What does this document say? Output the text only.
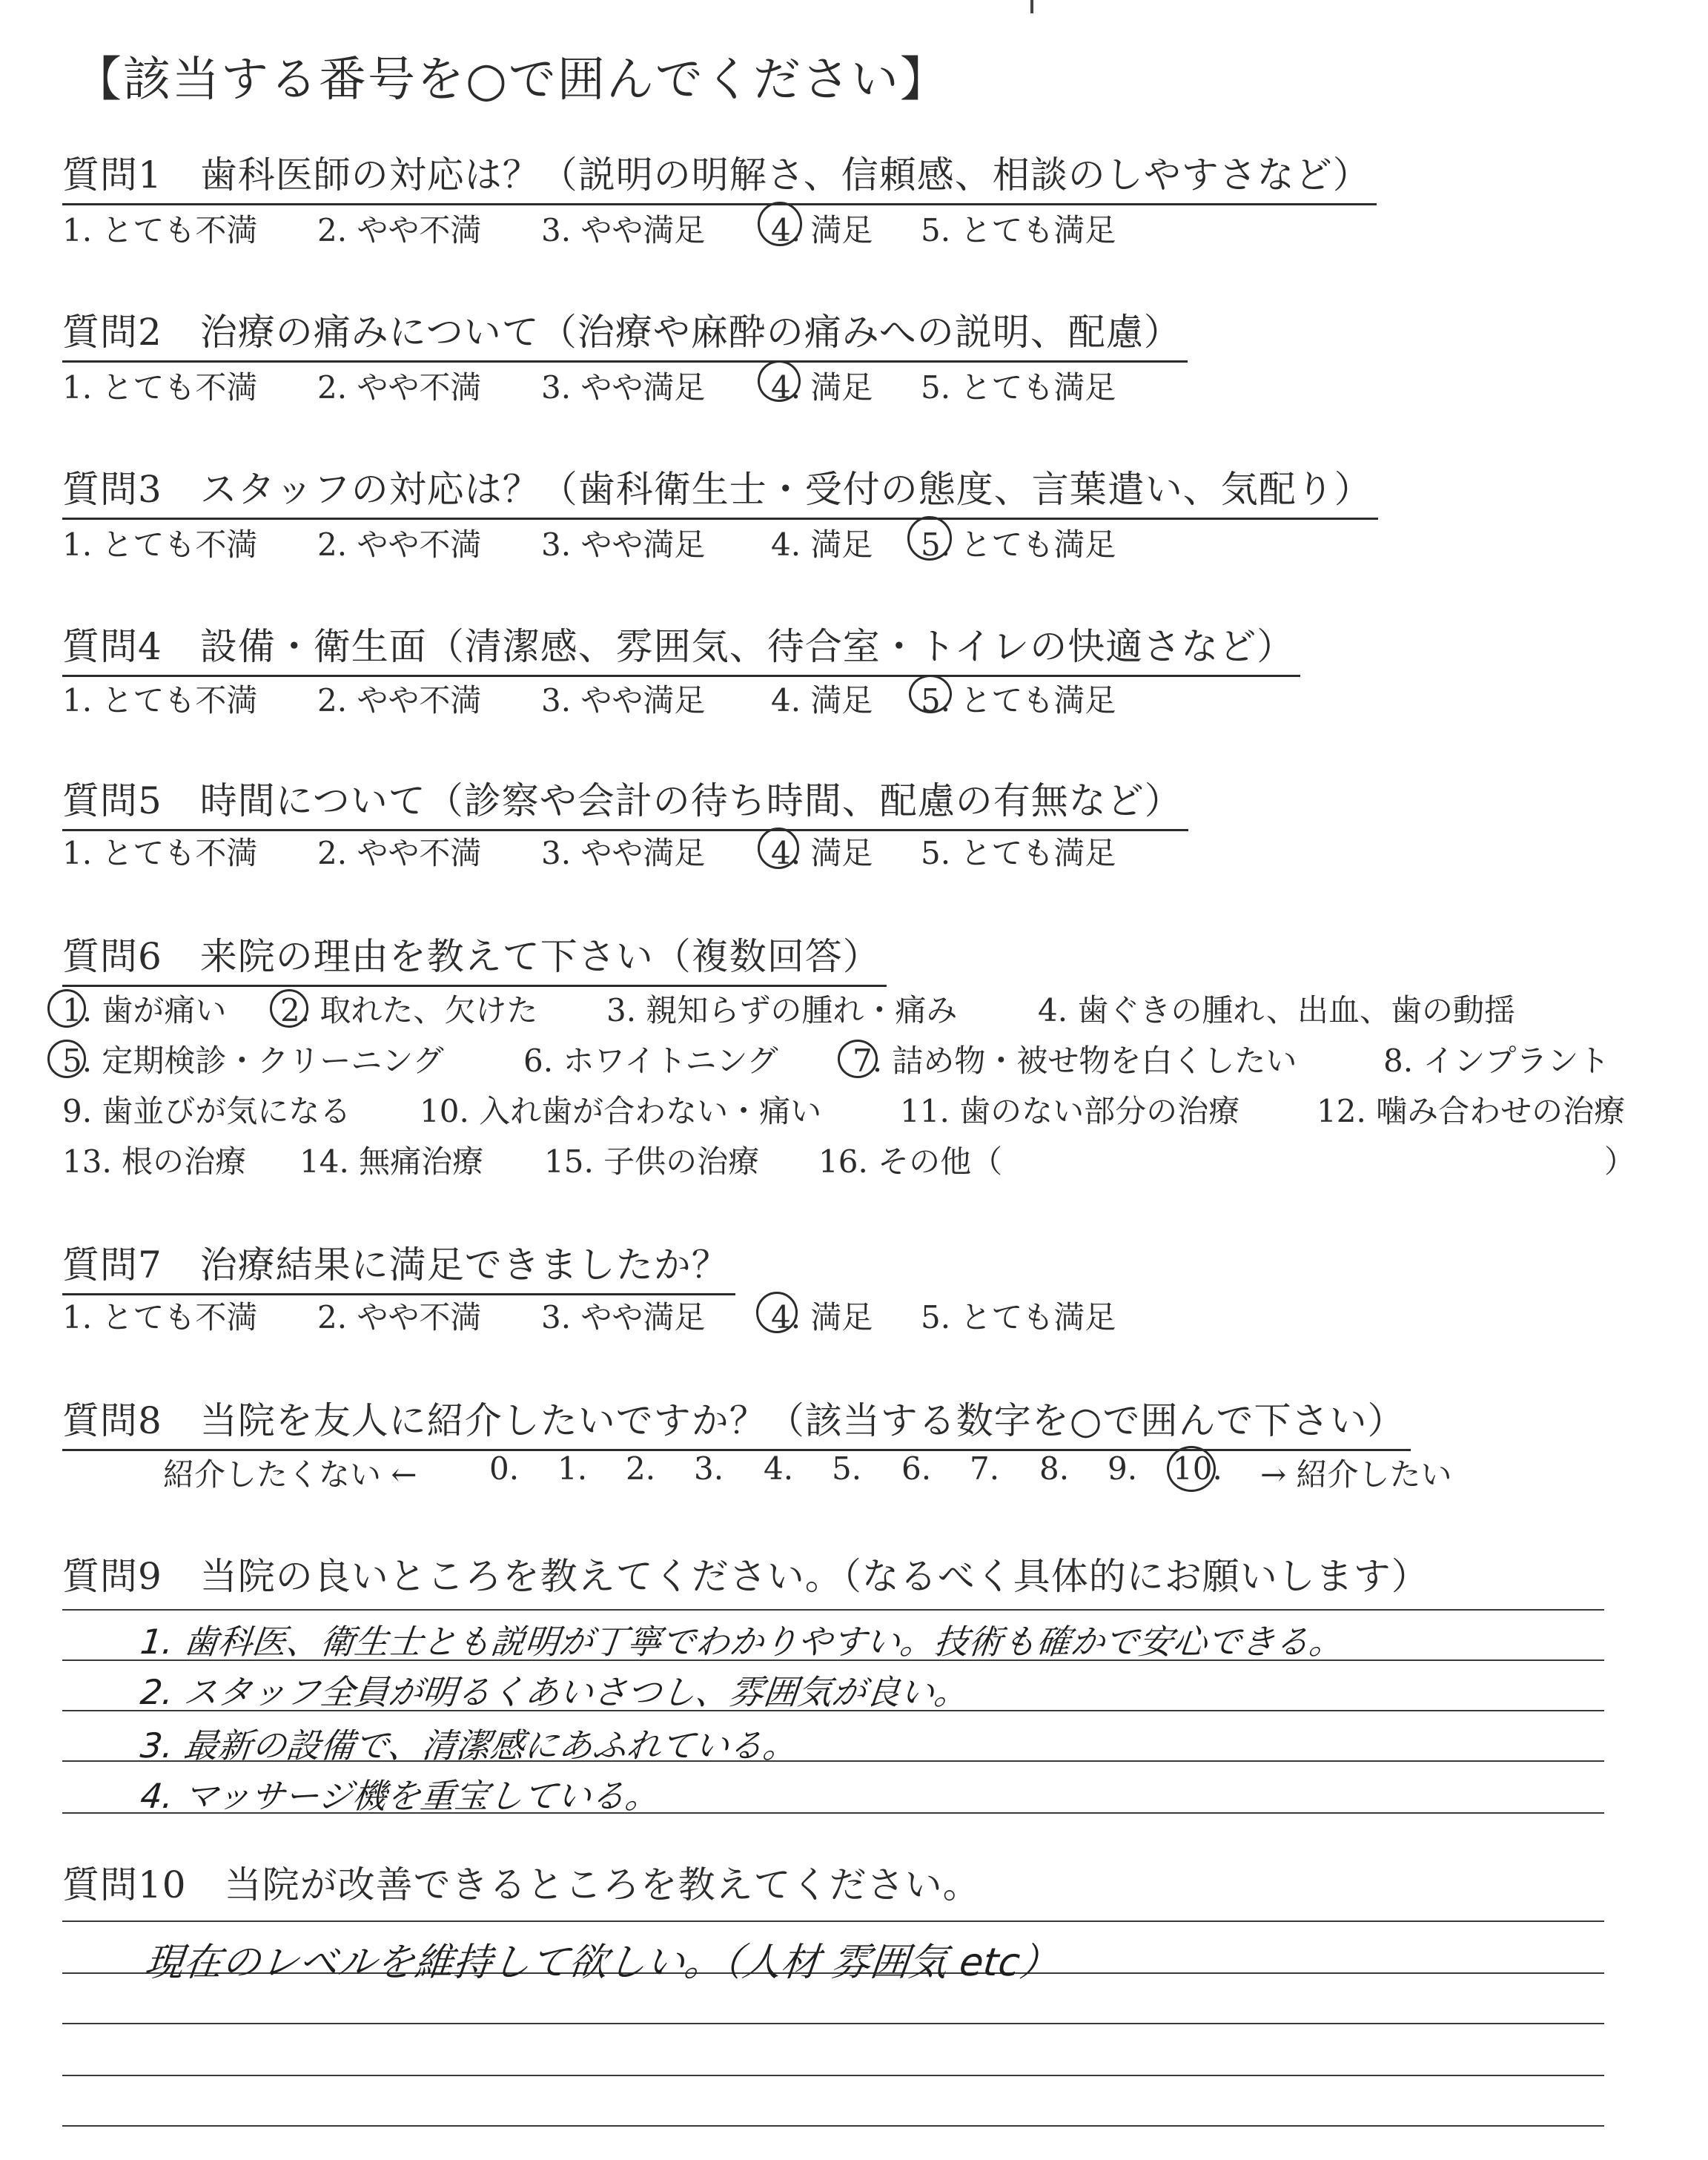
【該当する番号を○で囲んでください】
質問1　歯科医師の対応は？（説明の明解さ、信頼感、相談のしやすさなど）
1. とても不満 2. やや不満 3. やや満足 4. 満足 5. とても満足
質問2　治療の痛みについて（治療や麻酔の痛みへの説明、配慮）
1. とても不満 2. やや不満 3. やや満足 4. 満足 5. とても満足
質問3　スタッフの対応は？（歯科衛生士・受付の態度、言葉遣い、気配り）
1. とても不満 2. やや不満 3. やや満足 4. 満足 5. とても満足
質問4　設備・衛生面（清潔感、雰囲気、待合室・トイレの快適さなど）
1. とても不満 2. やや不満 3. やや満足 4. 満足 5. とても満足
質問5　時間について（診察や会計の待ち時間、配慮の有無など）
1. とても不満 2. やや不満 3. やや満足 4. 満足 5. とても満足
質問6　来院の理由を教えて下さい（複数回答）
1. 歯が痛い 2. 取れた、欠けた 3. 親知らずの腫れ・痛み	4. 歯ぐきの腫れ、出血、歯の動揺
5. 定期検診・クリーニング	6. ホワイトニング 7. 詰め物・被せ物を白くしたい	8. インプラント
9. 歯並びが気になる 10. 入れ歯が合わない・痛い	11. 歯のない部分の治療 12. 噛み合わせの治療
13. 根の治療 14. 無痛治療 15. 子供の治療 16. その他（	）
質問7　治療結果に満足できましたか？
1. とても不満 2. やや不満 3. やや満足 4. 満足 5. とても満足
質問8　当院を友人に紹介したいですか？（該当する数字を○で囲んで下さい）
紹介したくない ← 0. 1. 2. 3. 4. 5. 6. 7. 8. 9. 10. → 紹介したい
質問9　当院の良いところを教えてください。（なるべく具体的にお願いします）
1. 歯科医、衛生士とも説明が丁寧でわかりやすい。技術も確かで安心できる。
2. スタッフ全員が明るくあいさつし、雰囲気が良い。
3. 最新の設備で、清潔感にあふれている。
4. マッサージ機を重宝している。
質問10　当院が改善できるところを教えてください。
現在のレベルを維持して欲しい。（人材 雰囲気 etc）
